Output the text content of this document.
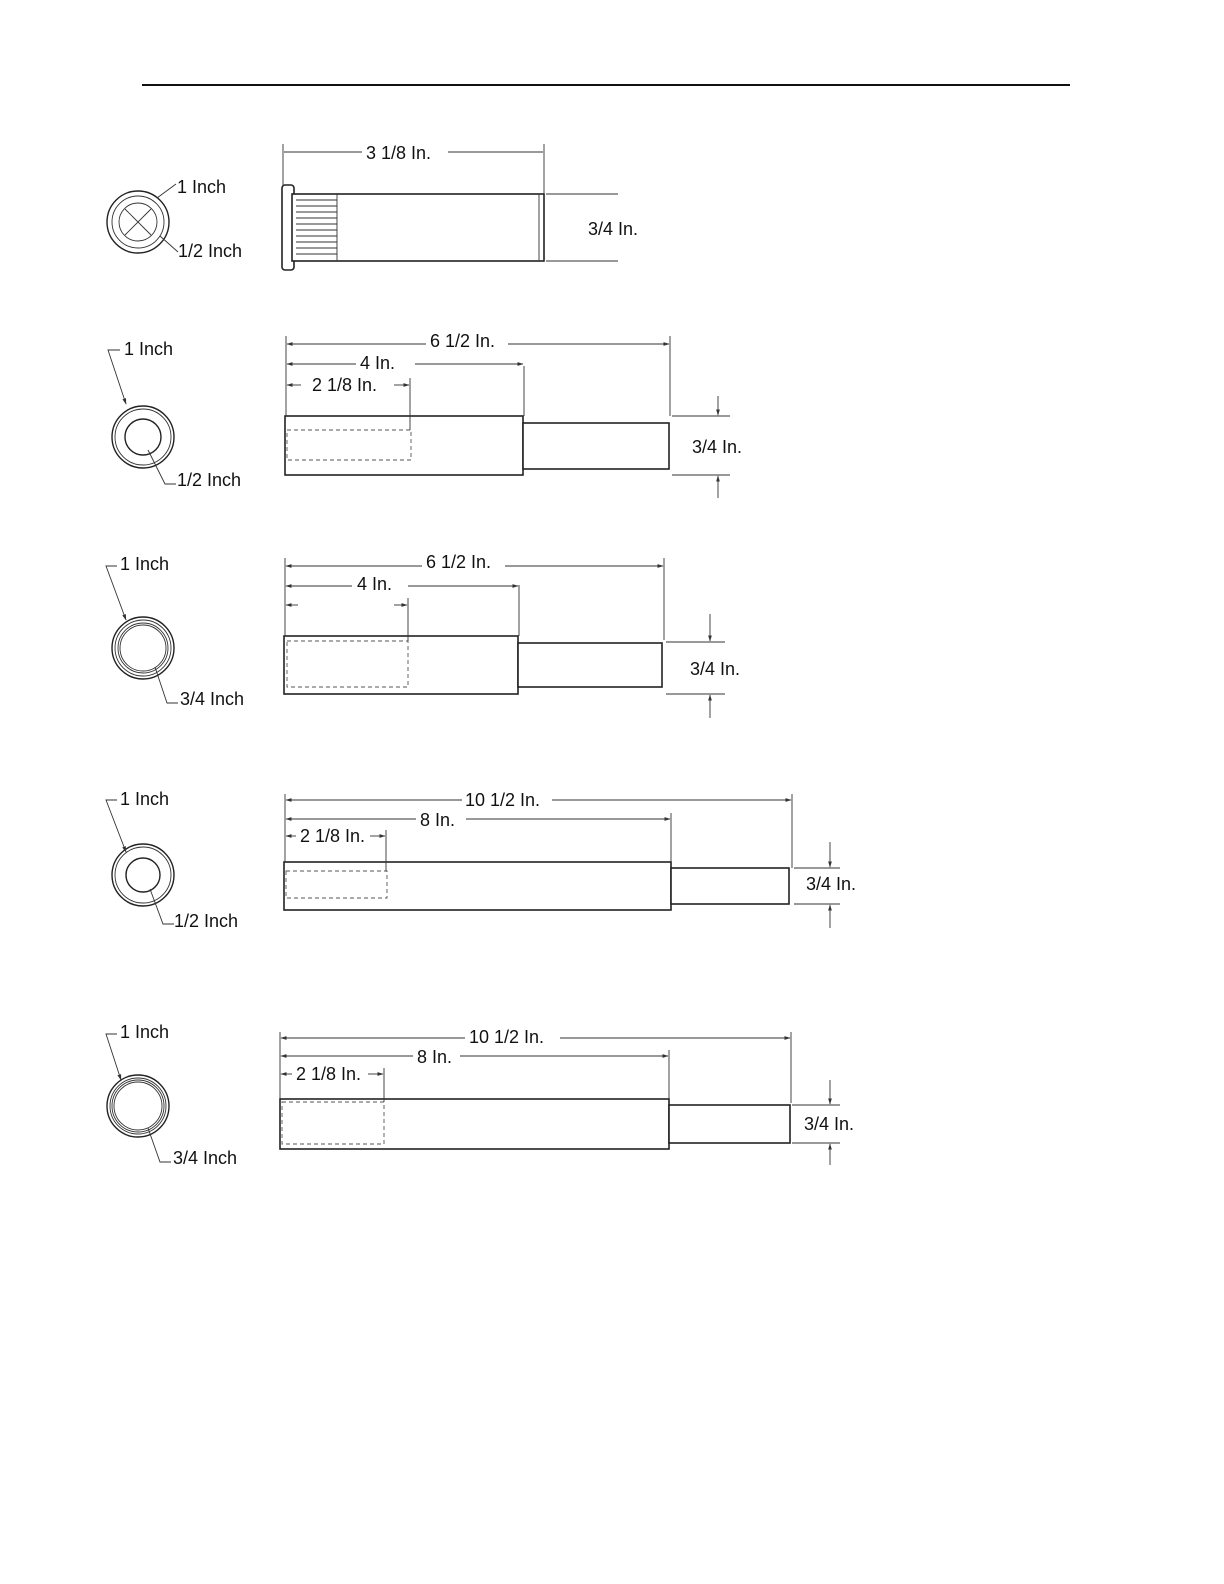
1 Inch
1/2 Inch
3 1/8 In.
3/4 In.
1 Inch
1/2 Inch
6 1/2 In.
4 In.
2 1/8 In.
3/4 In.
1 Inch
3/4 Inch
6 1/2 In.
4 In.
3/4 In.
1 Inch
1/2 Inch
10 1/2 In.
8 In.
2 1/8 In.
3/4 In.
1 Inch
3/4 Inch
10 1/2 In.
8 In.
2 1/8 In.
3/4 In.
